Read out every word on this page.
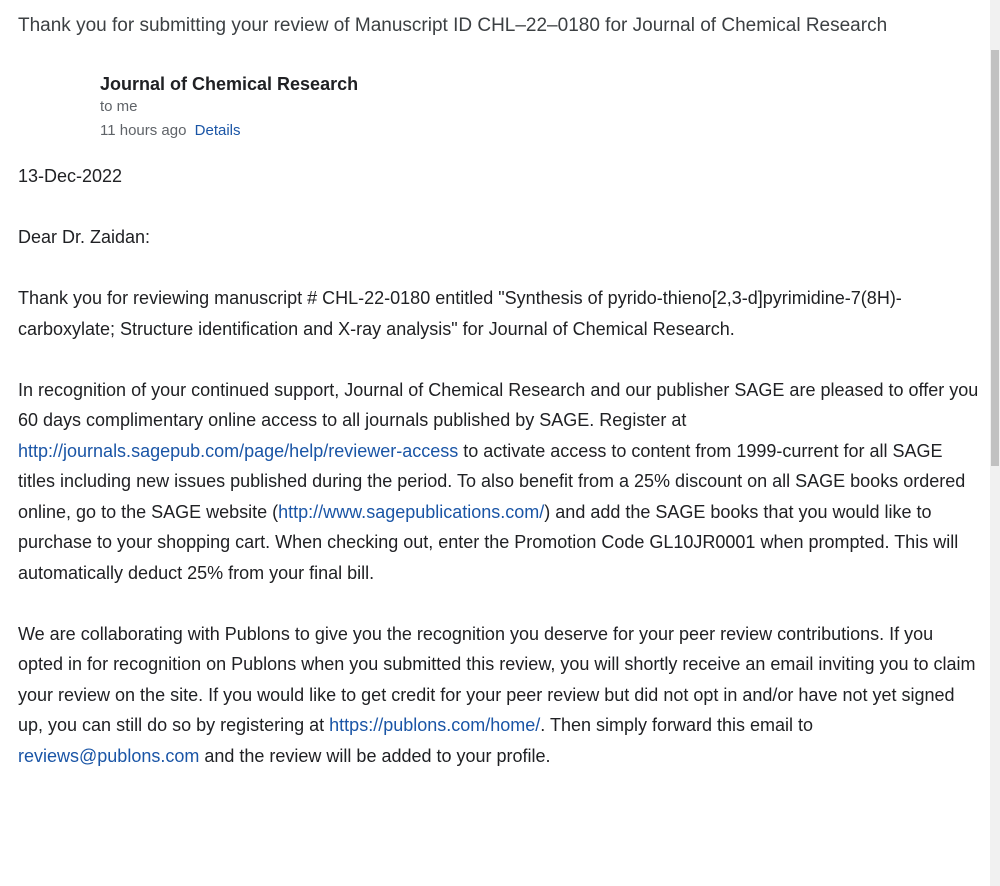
Thank you for submitting your review of Manuscript ID CHL–22–0180 for Journal of Chemical Research
Journal of Chemical Research
to me
11 hours ago Details

13-Dec-2022

Dear Dr. Zaidan:

Thank you for reviewing manuscript # CHL-22-0180 entitled "Synthesis of pyrido-thieno[2,3-d]pyrimidine-7(8H)-carboxylate; Structure identification and X-ray analysis" for Journal of Chemical Research.

In recognition of your continued support, Journal of Chemical Research and our publisher SAGE are pleased to offer you 60 days complimentary online access to all journals published by SAGE. Register at http://journals.sagepub.com/page/help/reviewer-access to activate access to content from 1999-current for all SAGE titles including new issues published during the period. To also benefit from a 25% discount on all SAGE books ordered online, go to the SAGE website (http://www.sagepublications.com/) and add the SAGE books that you would like to purchase to your shopping cart. When checking out, enter the Promotion Code GL10JR0001 when prompted. This will automatically deduct 25% from your final bill.

We are collaborating with Publons to give you the recognition you deserve for your peer review contributions. If you opted in for recognition on Publons when you submitted this review, you will shortly receive an email inviting you to claim your review on the site. If you would like to get credit for your peer review but did not opt in and/or have not yet signed up, you can still do so by registering at https://publons.com/home/. Then simply forward this email to reviews@publons.com and the review will be added to your profile.
